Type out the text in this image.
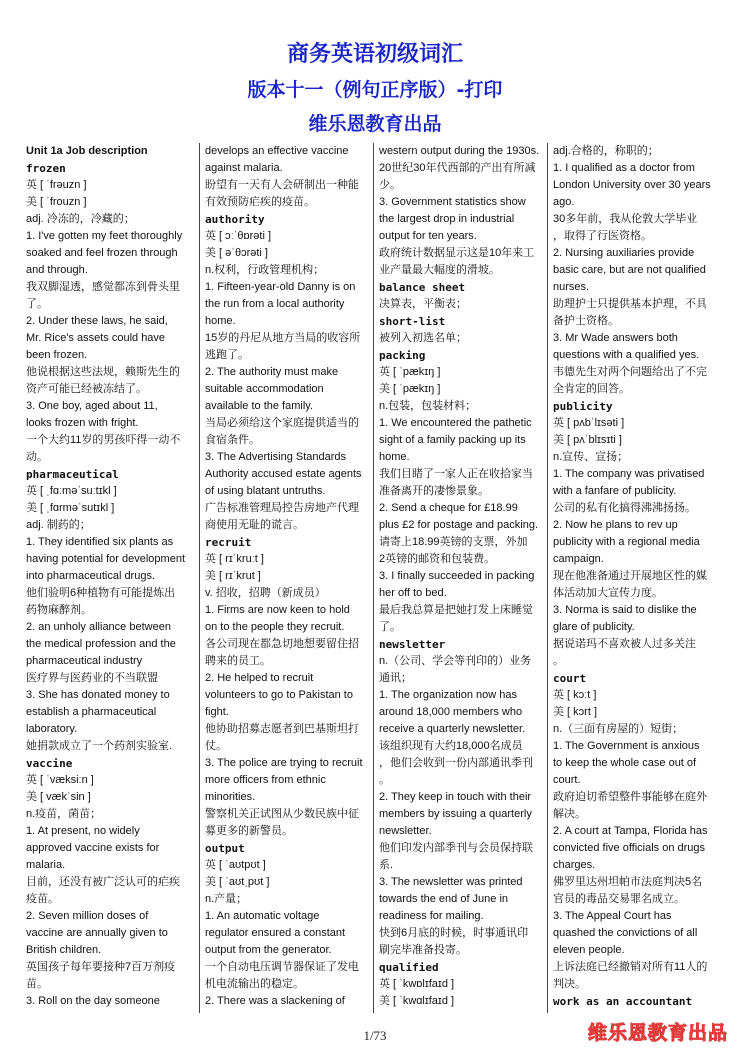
商务英语初级词汇
版本十一（例句正序版）-打印
维乐恩教育出品
Unit 1a Job description
frozen
英 [ ˈfrəuzn ]
美 [ ˈfrouzn ]
adj. 冷冻的，冷藏的；
1. I've gotten my feet thoroughly
soaked and feel frozen through
and through.
我双脚湿透，感觉都冻到骨头里
了。
2. Under these laws, he said,
Mr. Rice's assets could have
been frozen.
他说根据这些法规，赖斯先生的
资产可能已经被冻结了。
3. One boy, aged about 11,
looks frozen with fright.
一个大约11岁的男孩吓得一动不
动。
pharmaceutical
英 [ ˌfɑːməˈsuːtɪkl ]
美 [ ˌfɑrməˈsutɪkl ]
adj. 制药的；
1. They identified six plants as
having potential for development
into pharmaceutical drugs.
他们验明6种植物有可能提炼出
药物麻醉剂。
2. an unholy alliance between
the medical profession and the
pharmaceutical industry
医疗界与医药业的不当联盟
3. She has donated money to
establish a pharmaceutical
laboratory.
她捐款成立了一个药剂实验室.
vaccine
英 [ ˈvæksiːn ]
美 [ vækˈsin ]
n.疫苗，菌苗；
1. At present, no widely
approved vaccine exists for
malaria.
目前，还没有被广泛认可的疟疾
疫苗。
2. Seven million doses of
vaccine are annually given to
British children.
英国孩子每年要接种7百万剂疫
苗。
3. Roll on the day someone
develops an effective vaccine
against malaria.
盼望有一天有人会研制出一种能
有效预防疟疾的疫苗。
authority
英 [ ɔːˈθɒrəti ]
美 [ əˈθɔrəti ]
n.权利，行政管理机构；
1. Fifteen-year-old Danny is on
the run from a local authority
home.
15岁的丹尼从地方当局的收容所
逃跑了。
2. The authority must make
suitable accommodation
available to the family.
当局必须给这个家庭提供适当的
食宿条件。
3. The Advertising Standards
Authority accused estate agents
of using blatant untruths.
广告标准管理局控告房地产代理
商使用无耻的谎言。
recruit
英 [ rɪˈkruːt ]
美 [ rɪˈkrut ]
v. 招收，招聘（新成员）
1. Firms are now keen to hold
on to the people they recruit.
各公司现在都急切地想要留住招
聘来的员工。
2. He helped to recruit
volunteers to go to Pakistan to
fight.
他协助招募志愿者到巴基斯坦打
仗。
3. The police are trying to recruit
more officers from ethnic
minorities.
警察机关正试图从少数民族中征
募更多的新警员。
output
英 [ ˈaʊtpʊt ]
美 [ ˈaʊtˌpʊt ]
n.产量；
1. An automatic voltage
regulator ensured a constant
output from the generator.
一个自动电压调节器保证了发电
机电流输出的稳定。
2. There was a slackening of
western output during the 1930s.
20世纪30年代西部的产出有所减
少。
3. Government statistics show
the largest drop in industrial
output for ten years.
政府统计数据显示这是10年来工
业产量最大幅度的滑坡。
balance sheet
决算表，平衡表；
short-list
被列入初选名单；
packing
英 [ ˈpækɪŋ ]
美 [ ˈpækɪŋ ]
n.包装，包装材料；
1. We encountered the pathetic
sight of a family packing up its
home.
我们目睹了一家人正在收拾家当
准备离开的凄惨景象。
2. Send a cheque for £18.99
plus £2 for postage and packing.
请寄上18.99英镑的支票，外加
2英镑的邮资和包装费。
3. I finally succeeded in packing
her off to bed.
最后我总算是把她打发上床睡觉
了。
newsletter
n.（公司、学会等刊印的）业务
通讯；
1. The organization now has
around 18,000 members who
receive a quarterly newsletter.
该组织现有大约18,000名成员
，他们会收到一份内部通讯季刊
。
2. They keep in touch with their
members by issuing a quarterly
newsletter.
他们印发内部季刊与会员保持联
系.
3. The newsletter was printed
towards the end of June in
readiness for mailing.
快到6月底的时候，时事通讯印
刷完毕准备投寄。
qualified
英 [ ˈkwɒlɪfaɪd ]
美 [ ˈkwɑlɪfaɪd ]
adj.合格的，称职的；
1. I qualified as a doctor from
London University over 30 years
ago.
30多年前，我从伦敦大学毕业
，取得了行医资格。
2. Nursing auxiliaries provide
basic care, but are not qualified
nurses.
助理护士只提供基本护理，不具
备护士资格。
3. Mr Wade answers both
questions with a qualified yes.
韦德先生对两个问题给出了不完
全肯定的回答。
publicity
英 [ pʌbˈlɪsəti ]
美 [ pʌˈblɪsɪti ]
n.宣传、宣扬；
1. The company was privatised
with a fanfare of publicity.
公司的私有化搞得沸沸扬扬。
2. Now he plans to rev up
publicity with a regional media
campaign.
现在他准备通过开展地区性的媒
体活动加大宣传力度。
3. Norma is said to dislike the
glare of publicity.
据说诺玛不喜欢被人过多关注
。
court
英 [ kɔːt ]
美 [ kɔrt ]
n.（三面有房屋的）短街；
1. The Government is anxious
to keep the whole case out of
court.
政府迫切希望整件事能够在庭外
解决。
2. A court at Tampa, Florida has
convicted five officials on drugs
charges.
佛罗里达州坦帕市法庭判决5名
官员的毒品交易罪名成立。
3. The Appeal Court has
quashed the convictions of all
eleven people.
上诉法庭已经撤销对所有11人的
判决。
work as an accountant
1/73	维乐恩教育出品
